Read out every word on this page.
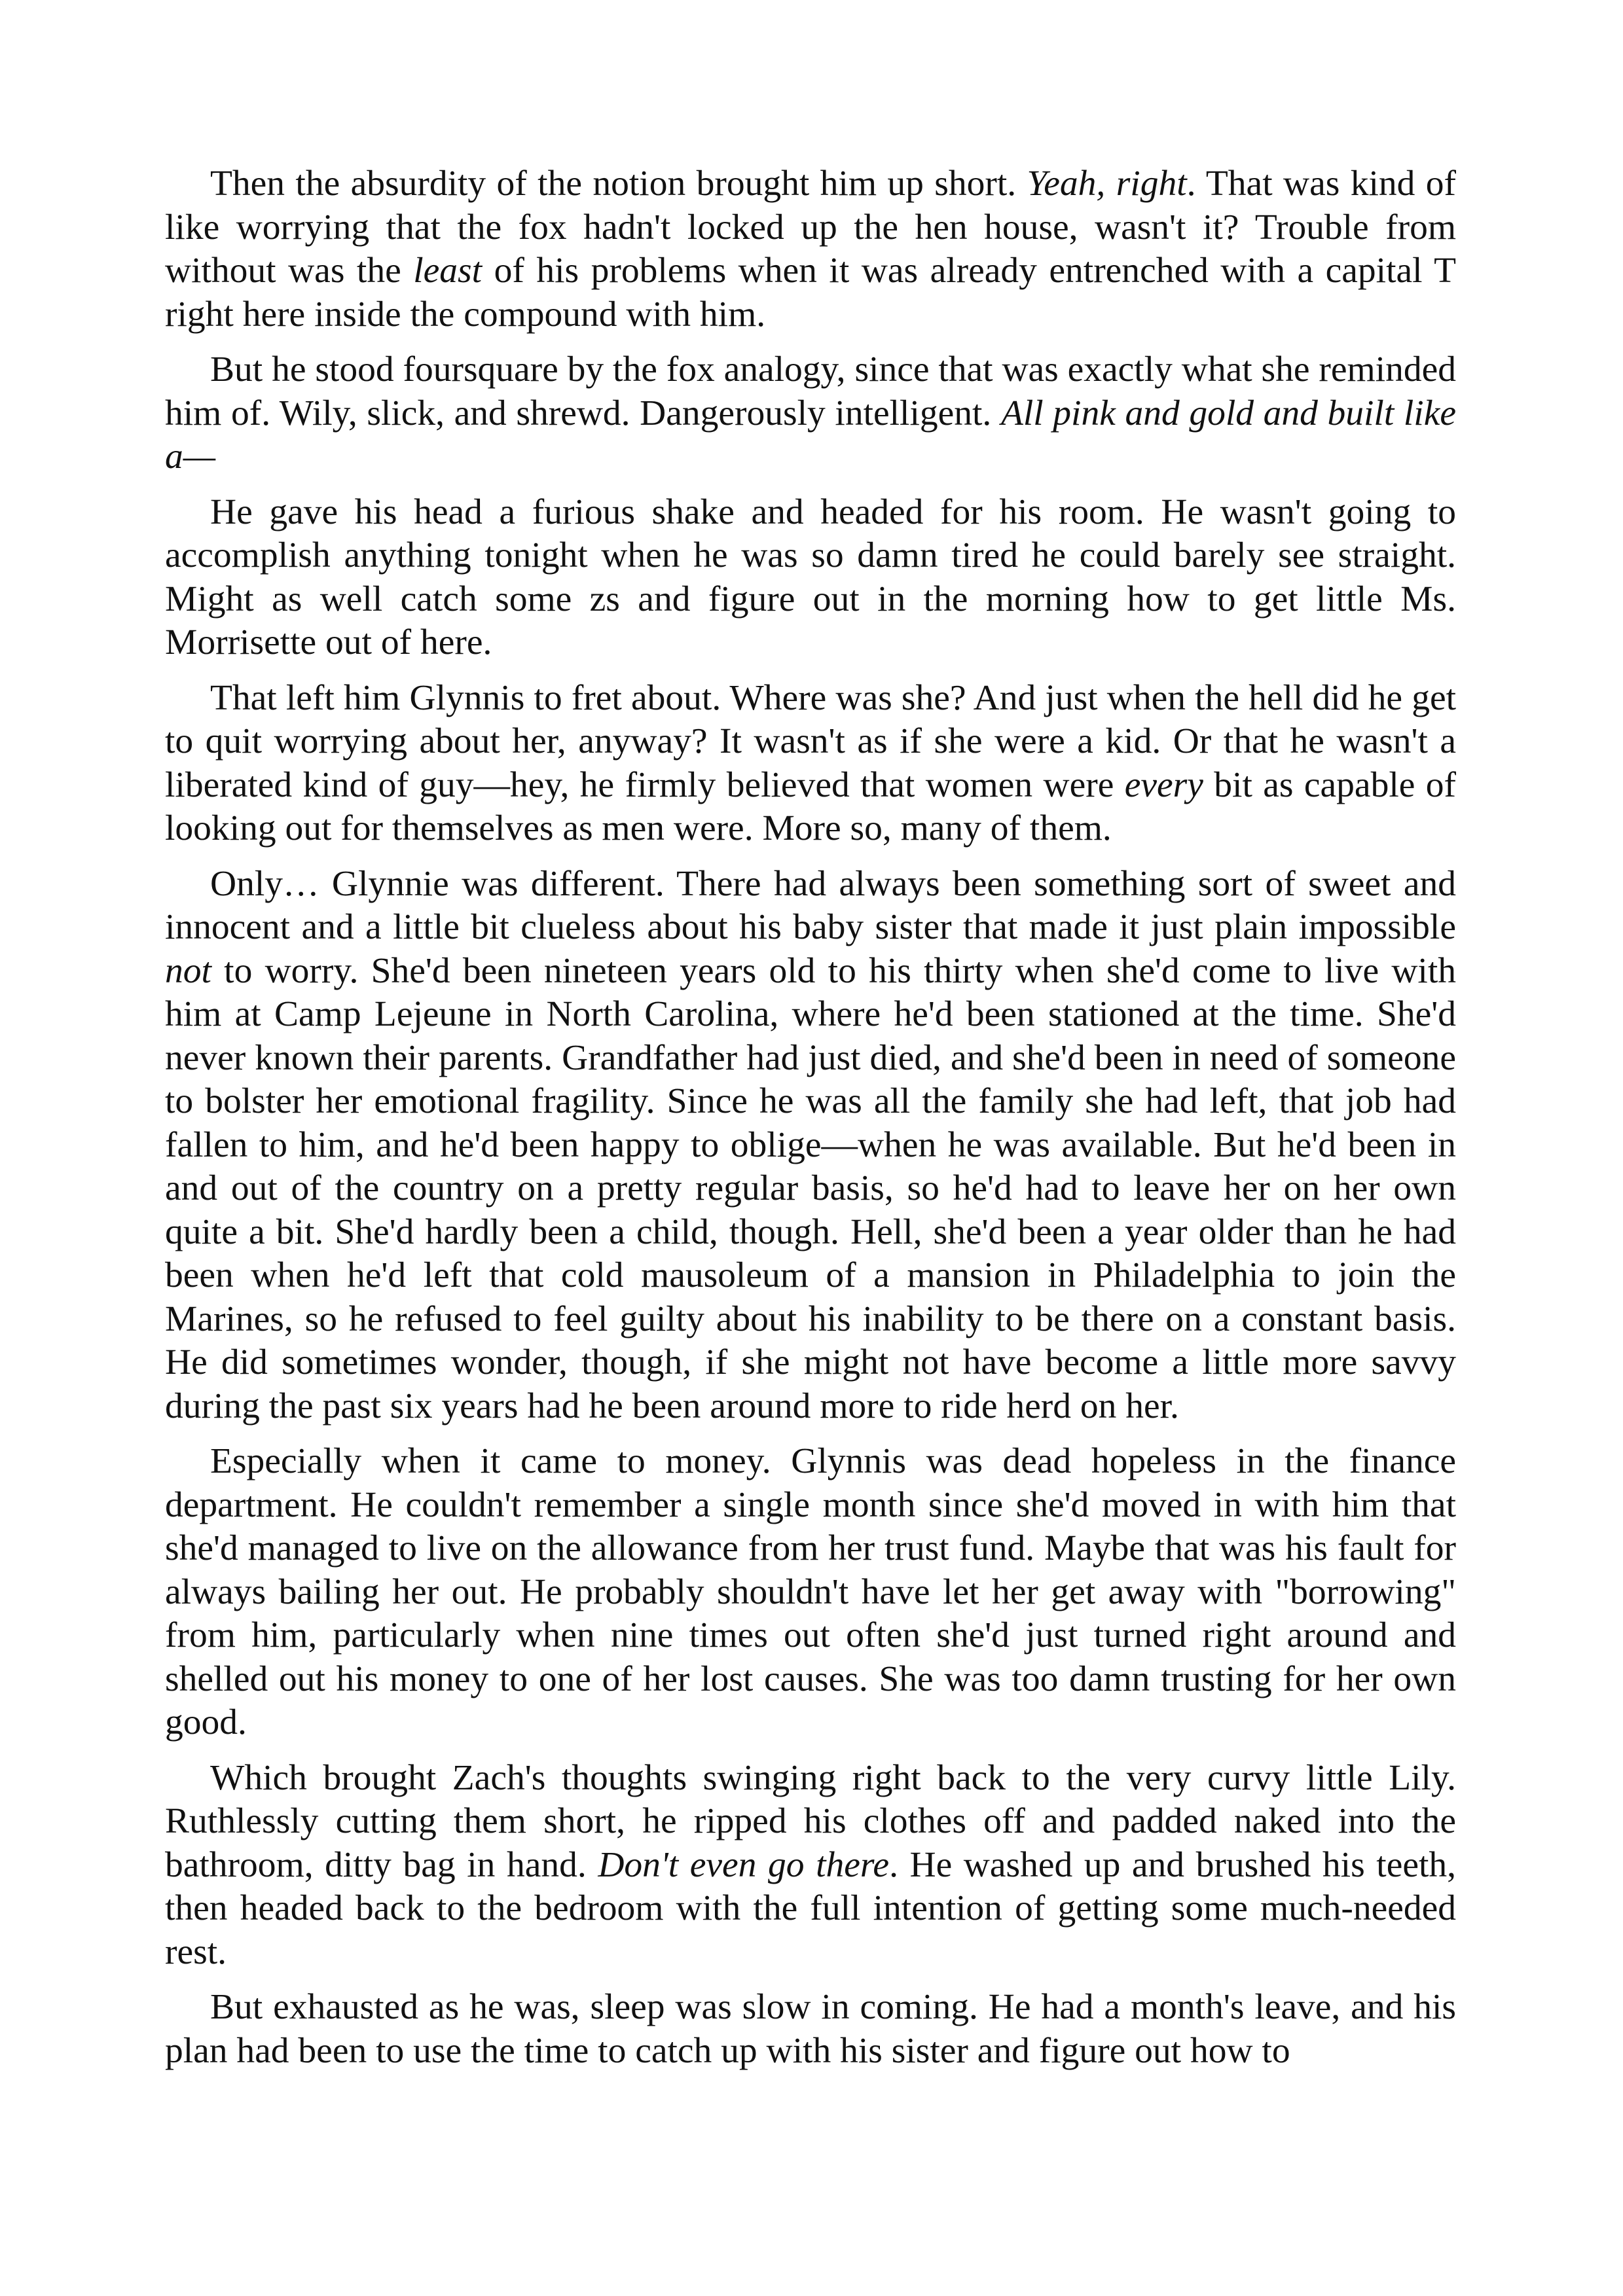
Then the absurdity of the notion brought him up short. Yeah, right. That was kind of like worrying that the fox hadn't locked up the hen house, wasn't it? Trouble from without was the least of his problems when it was already entrenched with a capital T right here inside the compound with him.

But he stood foursquare by the fox analogy, since that was exactly what she reminded him of. Wily, slick, and shrewd. Dangerously intelligent. All pink and gold and built like a—

He gave his head a furious shake and headed for his room. He wasn't going to accomplish anything tonight when he was so damn tired he could barely see straight. Might as well catch some zs and figure out in the morning how to get little Ms. Morrisette out of here.

That left him Glynnis to fret about. Where was she? And just when the hell did he get to quit worrying about her, anyway? It wasn't as if she were a kid. Or that he wasn't a liberated kind of guy—hey, he firmly believed that women were every bit as capable of looking out for themselves as men were. More so, many of them.

Only… Glynnie was different. There had always been something sort of sweet and innocent and a little bit clueless about his baby sister that made it just plain impossible not to worry. She'd been nineteen years old to his thirty when she'd come to live with him at Camp Lejeune in North Carolina, where he'd been stationed at the time. She'd never known their parents. Grandfather had just died, and she'd been in need of someone to bolster her emotional fragility. Since he was all the family she had left, that job had fallen to him, and he'd been happy to oblige—when he was available. But he'd been in and out of the country on a pretty regular basis, so he'd had to leave her on her own quite a bit. She'd hardly been a child, though. Hell, she'd been a year older than he had been when he'd left that cold mausoleum of a mansion in Philadelphia to join the Marines, so he refused to feel guilty about his inability to be there on a constant basis. He did sometimes wonder, though, if she might not have become a little more savvy during the past six years had he been around more to ride herd on her.

Especially when it came to money. Glynnis was dead hopeless in the finance department. He couldn't remember a single month since she'd moved in with him that she'd managed to live on the allowance from her trust fund. Maybe that was his fault for always bailing her out. He probably shouldn't have let her get away with "borrowing" from him, particularly when nine times out often she'd just turned right around and shelled out his money to one of her lost causes. She was too damn trusting for her own good.

Which brought Zach's thoughts swinging right back to the very curvy little Lily. Ruthlessly cutting them short, he ripped his clothes off and padded naked into the bathroom, ditty bag in hand. Don't even go there. He washed up and brushed his teeth, then headed back to the bedroom with the full intention of getting some much-needed rest.

But exhausted as he was, sleep was slow in coming. He had a month's leave, and his plan had been to use the time to catch up with his sister and figure out how to
